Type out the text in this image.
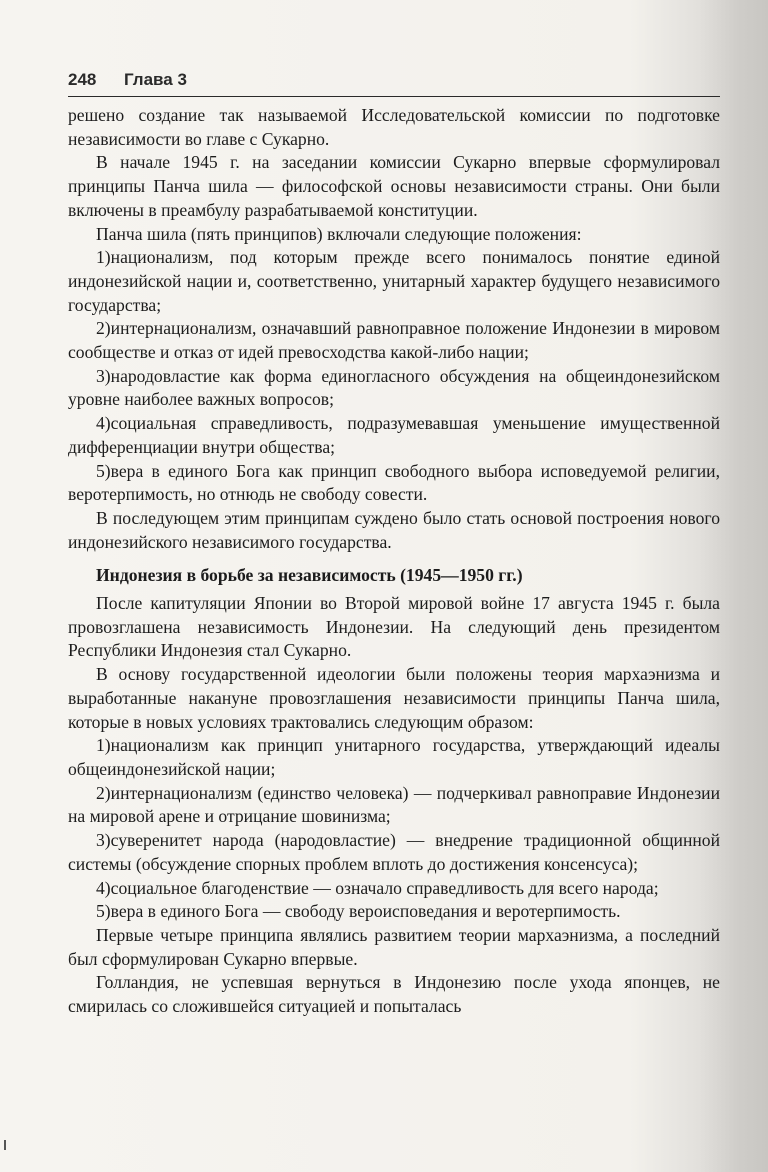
248 Глава 3

решено создание так называемой Исследовательской комиссии по подготовке независимости во главе с Сукарно.

В начале 1945 г. на заседании комиссии Сукарно впервые сформулировал принципы Панча шила — философской основы независимости страны. Они были включены в преамбулу разрабатываемой конституции.

Панча шила (пять принципов) включали следующие положения:

1)национализм, под которым прежде всего понималось понятие единой индонезийской нации и, соответственно, унитарный характер будущего независимого государства;

2)интернационализм, означавший равноправное положение Индонезии в мировом сообществе и отказ от идей превосходства какой-либо нации;

3)народовластие как форма единогласного обсуждения на общеиндонезийском уровне наиболее важных вопросов;

4)социальная справедливость, подразумевавшая уменьшение имущественной дифференциации внутри общества;

5)вера в единого Бога как принцип свободного выбора исповедуемой религии, веротерпимость, но отнюдь не свободу совести.

В последующем этим принципам суждено было стать основой построения нового индонезийского независимого государства.

Индонезия в борьбе за независимость (1945—1950 гг.)

После капитуляции Японии во Второй мировой войне 17 августа 1945 г. была провозглашена независимость Индонезии. На следующий день президентом Республики Индонезия стал Сукарно.

В основу государственной идеологии были положены теория мархаэнизма и выработанные накануне провозглашения независимости принципы Панча шила, которые в новых условиях трактовались следующим образом:

1)национализм как принцип унитарного государства, утверждающий идеалы общеиндонезийской нации;

2)интернационализм (единство человека) — подчеркивал равноправие Индонезии на мировой арене и отрицание шовинизма;

3)суверенитет народа (народовластие) — внедрение традиционной общинной системы (обсуждение спорных проблем вплоть до достижения консенсуса);

4)социальное благоденствие — означало справедливость для всего народа;

5)вера в единого Бога — свободу вероисповедания и веротерпимость.

Первые четыре принципа являлись развитием теории мархаэнизма, а последний был сформулирован Сукарно впервые.

Голландия, не успевшая вернуться в Индонезию после ухода японцев, не смирилась со сложившейся ситуацией и попыталась
